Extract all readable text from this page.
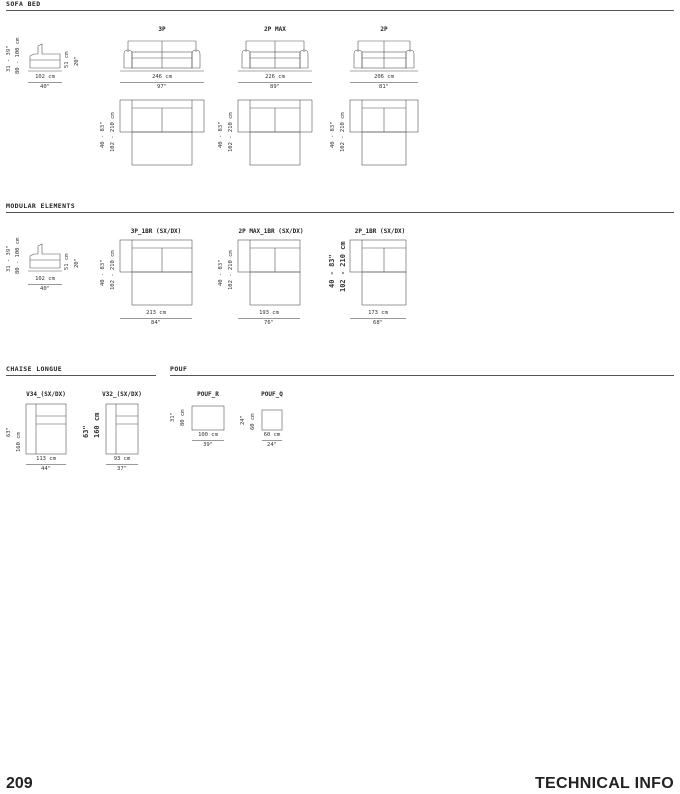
SOFA BED
31 - 39" 80 - 100 cm	51 cm 20"
102 cm
40"
3P
246 cm
97"
40 - 83" 102 - 210 cm
2P MAX
226 cm
89"
40 - 83" 102 - 210 cm
2P
206 cm
81"
40 - 83" 102 - 210 cm
MODULAR ELEMENTS
31 - 39" 80 - 100 cm	51 cm 20"
102 cm
40"
3P_1BR (SX/DX)
40 - 83" 102 - 210 cm
213 cm
84"
2P MAX_1BR (SX/DX)
40 - 83" 102 - 210 cm
193 cm
76"
2P_1BR (SX/DX)
40 - 83" 102 - 210 cm
173 cm
68"
CHAISE LONGUE
V34_(SX/DX)
63"
160 cm
113 cm
44"
V32_(SX/DX)
63" 160 cm
93 cm
37"
POUF
POUF_R
31" 80 cm
100 cm
39"
POUF_Q
24" 60 cm
60 cm
24"
209	TECHNICAL INFO
